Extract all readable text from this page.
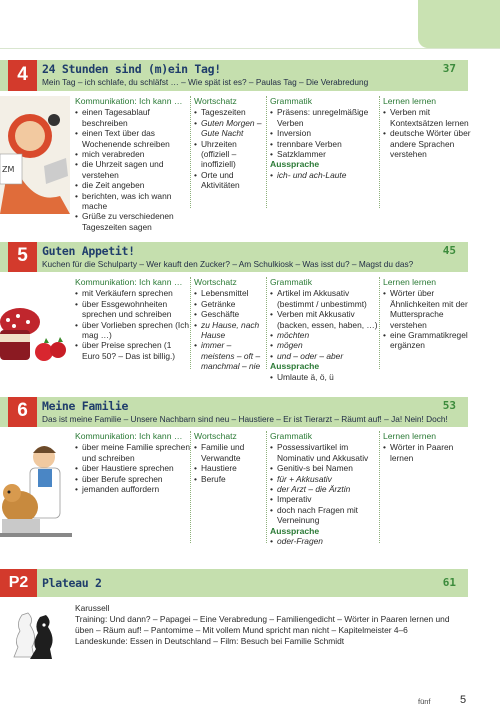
4	24 Stunden sind (m)ein Tag!	37
Mein Tag – ich schlafe, du schläfst … – Wie spät ist es? – Paulas Tag – Die Verabredung
ZM
Kommunikation: Ich kann …
• einen Tagesablauf beschreiben
• einen Text über das Wochenende schreiben
• mich verabreden
• die Uhrzeit sagen und verstehen
• die Zeit angeben
• berichten, was ich wann mache
• Grüße zu verschiedenen Tageszeiten sagen
Wortschatz
• Tageszeiten
• Guten Morgen – Gute Nacht
• Uhrzeiten (offiziell – inoffiziell)
• Orte und Aktivitäten
Grammatik
• Präsens: unregelmäßige Verben
• Inversion
• trennbare Verben
• Satzklammer
Aussprache
• ich- und ach-Laute
Lernen lernen
• Verben mit Kontextsätzen lernen
• deutsche Wörter über andere Sprachen verstehen
5	Guten Appetit!	45
Kuchen für die Schulparty – Wer kauft den Zucker? – Am Schulkiosk – Was isst du? – Magst du das?
Kommunikation: Ich kann …
• mit Verkäufern sprechen
• über Essgewohnheiten sprechen und schreiben
• über Vorlieben sprechen (Ich mag …)
• über Preise sprechen (1 Euro 50? – Das ist billig.)
Wortschatz
• Lebensmittel
• Getränke
• Geschäfte
• zu Hause, nach Hause
• immer – meistens – oft – manchmal – nie
Grammatik
• Artikel im Akkusativ (bestimmt / unbestimmt)
• Verben mit Akkusativ (backen, essen, haben, …)
• möchten
• mögen
• und – oder – aber
Aussprache
• Umlaute ä, ö, ü
Lernen lernen
• Wörter über Ähnlichkeiten mit der Muttersprache verstehen
• eine Grammatikregel ergänzen
6	Meine Familie	53
Das ist meine Familie – Unsere Nachbarn sind neu – Haustiere – Er ist Tierarzt – Räumt auf! – Ja! Nein! Doch!
Kommunikation: Ich kann …
• über meine Familie sprechen und schreiben
• über Haustiere sprechen
• über Berufe sprechen
• jemanden auffordern
Wortschatz
• Familie und Verwandte
• Haustiere
• Berufe
Grammatik
• Possessivartikel im Nominativ und Akkusativ
• Genitiv-s bei Namen
• für + Akkusativ
• der Arzt – die Ärztin
• Imperativ
• doch nach Fragen mit Verneinung
Aussprache
• oder-Fragen
Lernen lernen
• Wörter in Paaren lernen
P2	Plateau 2	61
Karussell
Training: Und dann? – Papagei – Eine Verabredung – Familiengedicht – Wörter in Paaren lernen und üben – Räum auf! – Pantomime – Mit vollem Mund spricht man nicht – Kapitelmeister 4–6
Landeskunde: Essen in Deutschland – Film: Besuch bei Familie Schmidt
fünf	5
